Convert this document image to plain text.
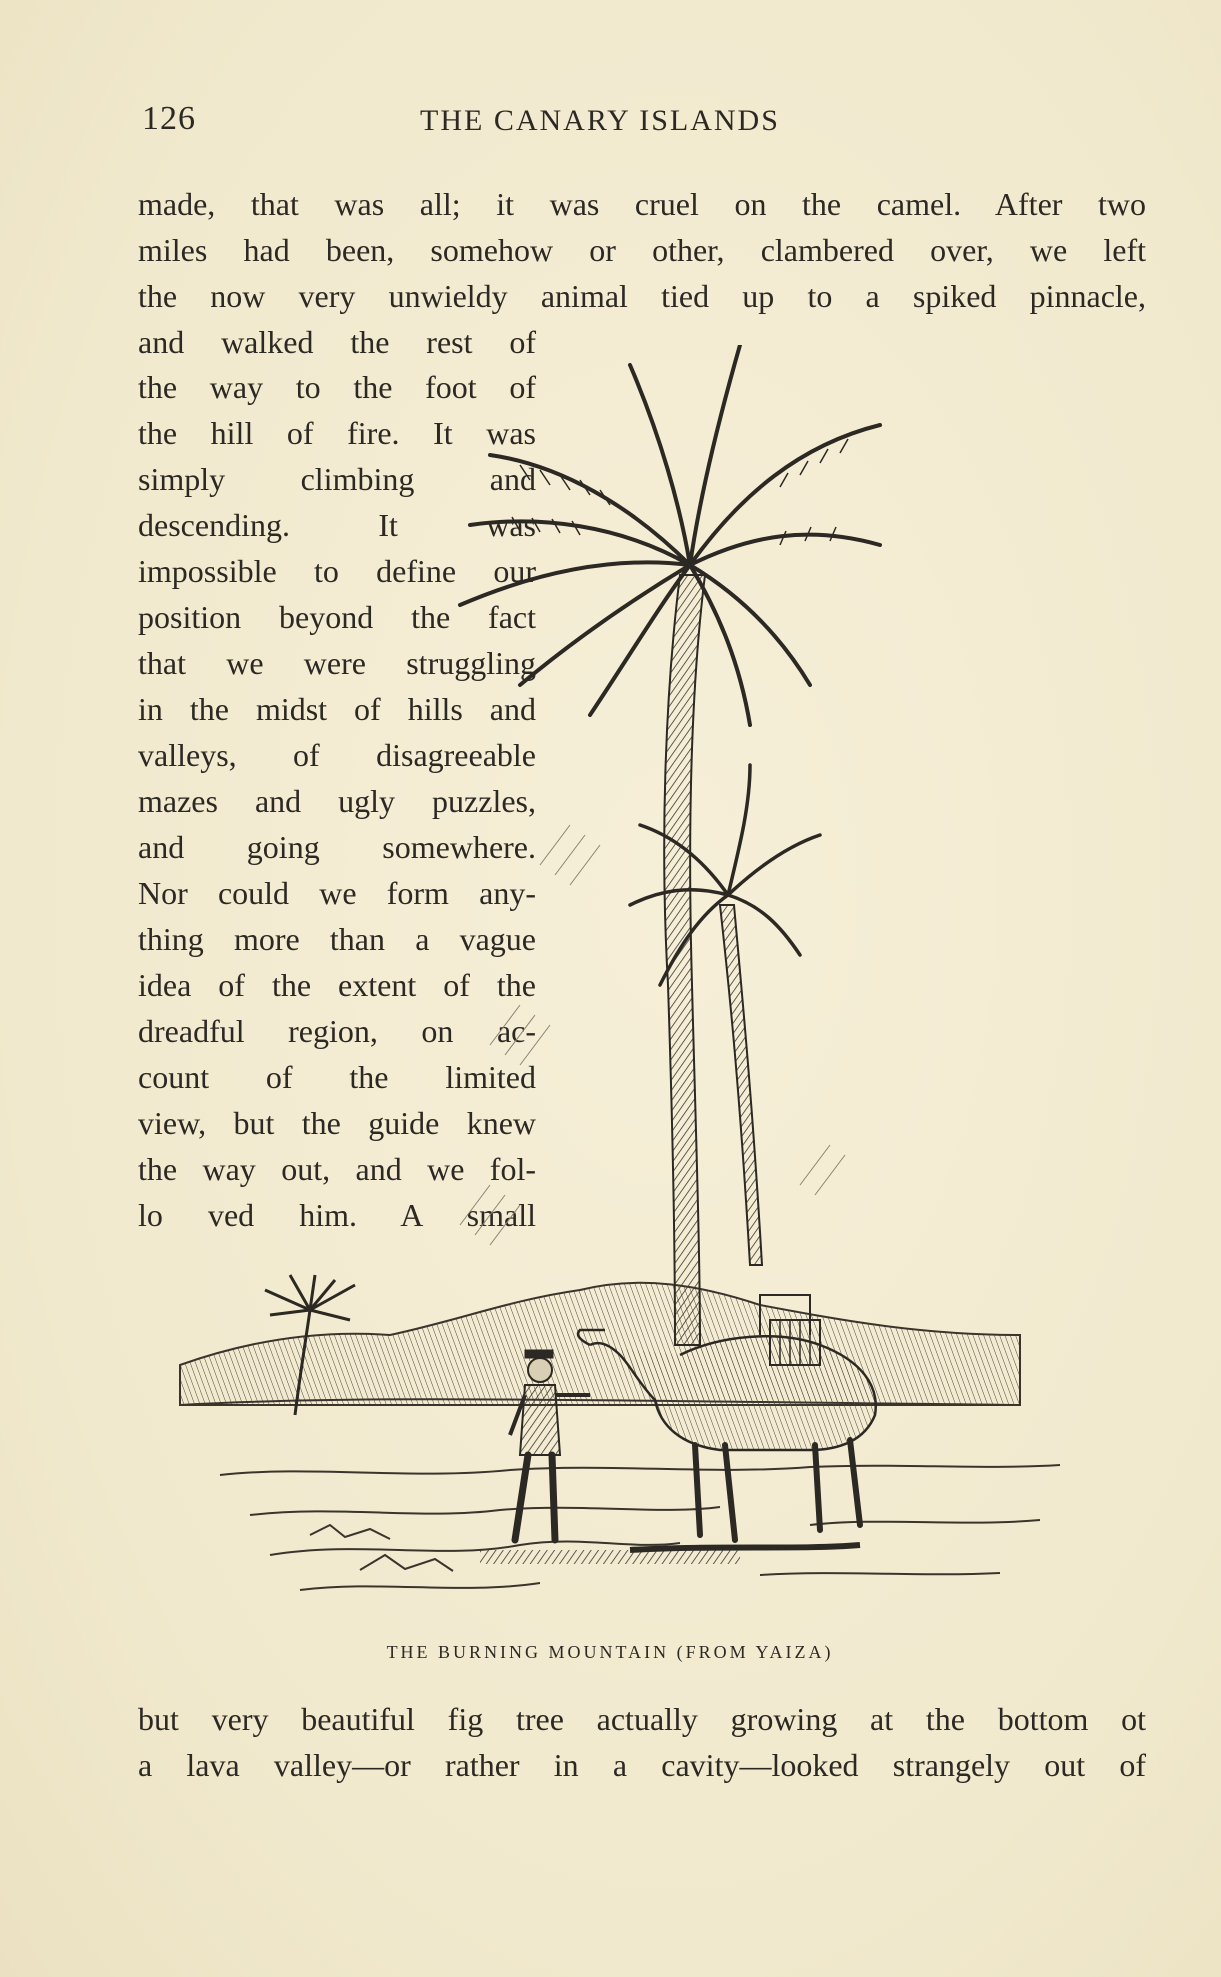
126	THE CANARY ISLANDS
made, that was all; it was cruel on the camel. After two
miles had been, somehow or other, clambered over, we left
the now very unwieldy animal tied up to a spiked pinnacle,
and walked the rest of
the way to the foot of
the hill of fire. It was
simply climbing and
descending. It was
impossible to define our
position beyond the fact
that we were struggling
in the midst of hills and
valleys, of disagreeable
mazes and ugly puzzles,
and going somewhere.
Nor could we form any-
thing more than a vague
idea of the extent of the
dreadful region, on ac-
count of the limited
view, but the guide knew
the way out, and we fol-
lo ved him. A small
THE BURNING MOUNTAIN (FROM YAIZA)
but very beautiful fig tree actually growing at the bottom ot
a lava valley—or rather in a cavity—looked strangely out of
